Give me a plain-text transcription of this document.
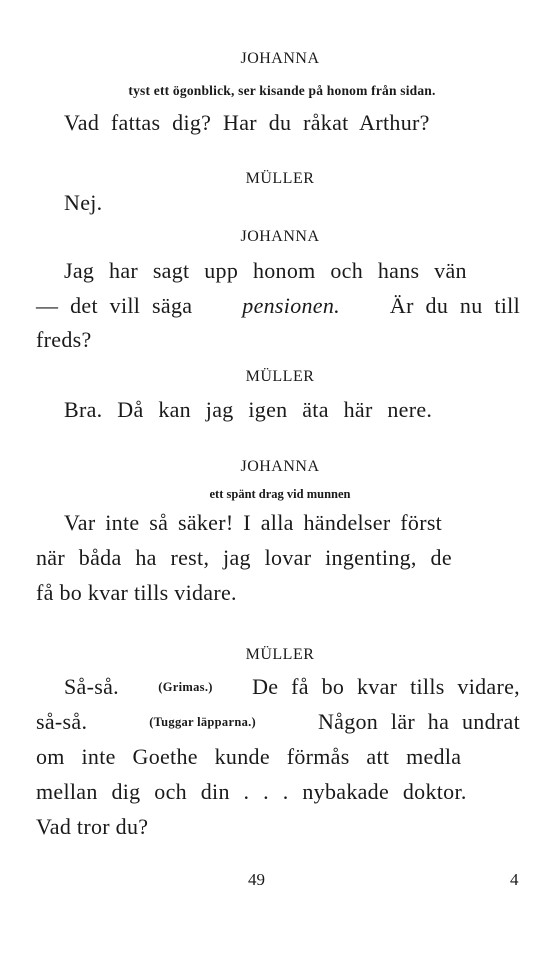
JOHANNA
tyst ett ögonblick, ser kisande på honom från sidan.
Vad fattas dig? Har du råkat Arthur?
MÜLLER
Nej.
JOHANNA
Jag har sagt upp honom och hans vän
— det vill säga pensionen. Är du nu till
freds?
MÜLLER
Bra. Då kan jag igen äta här nere.
JOHANNA
ett spänt drag vid munnen
Var inte så säker! I alla händelser först
när båda ha rest, jag lovar ingenting, de
få bo kvar tills vidare.
MÜLLER
Så-så.	(Grimas.) De få bo kvar tills vidare,
så-så.	(Tuggar läpparna.)	Någon lär ha undrat
om inte Goethe kunde förmås att medla
mellan dig och din . . . nybakade doktor.
Vad tror du?
49	4
